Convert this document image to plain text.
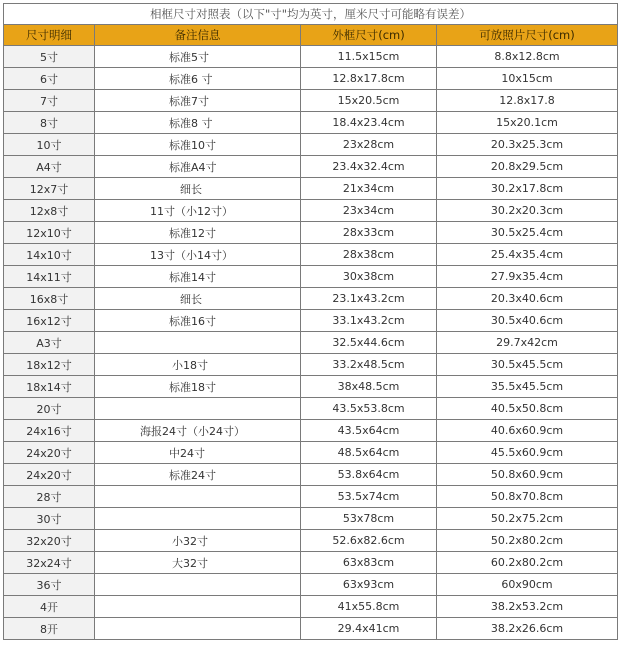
相框尺寸对照表（以下"寸"均为英寸，厘米尺寸可能略有误差）			
尺寸明细	备注信息	外框尺寸(cm)	可放照片尺寸(cm)
5寸	标准5寸	11.5x15cm	8.8x12.8cm
6寸	标准6 寸	12.8x17.8cm	10x15cm
7寸	标准7寸	15x20.5cm	12.8x17.8
8寸	标准8 寸	18.4x23.4cm	15x20.1cm
10寸	标准10寸	23x28cm	20.3x25.3cm
A4寸	标准A4寸	23.4x32.4cm	20.8x29.5cm
12x7寸	细长	21x34cm	30.2x17.8cm
12x8寸	11寸（小12寸）	23x34cm	30.2x20.3cm
12x10寸	标准12寸	28x33cm	30.5x25.4cm
14x10寸	13寸（小14寸）	28x38cm	25.4x35.4cm
14x11寸	标准14寸	30x38cm	27.9x35.4cm
16x8寸	细长	23.1x43.2cm	20.3x40.6cm
16x12寸	标准16寸	33.1x43.2cm	30.5x40.6cm
A3寸		32.5x44.6cm	29.7x42cm
18x12寸	小18寸	33.2x48.5cm	30.5x45.5cm
18x14寸	标准18寸	38x48.5cm	35.5x45.5cm
20寸		43.5x53.8cm	40.5x50.8cm
24x16寸	海报24寸（小24寸）	43.5x64cm	40.6x60.9cm
24x20寸	中24寸	48.5x64cm	45.5x60.9cm
24x20寸	标准24寸	53.8x64cm	50.8x60.9cm
28寸		53.5x74cm	50.8x70.8cm
30寸		53x78cm	50.2x75.2cm
32x20寸	小32寸	52.6x82.6cm	50.2x80.2cm
32x24寸	大32寸	63x83cm	60.2x80.2cm
36寸		63x93cm	60x90cm
4开		41x55.8cm	38.2x53.2cm
8开		29.4x41cm	38.2x26.6cm
